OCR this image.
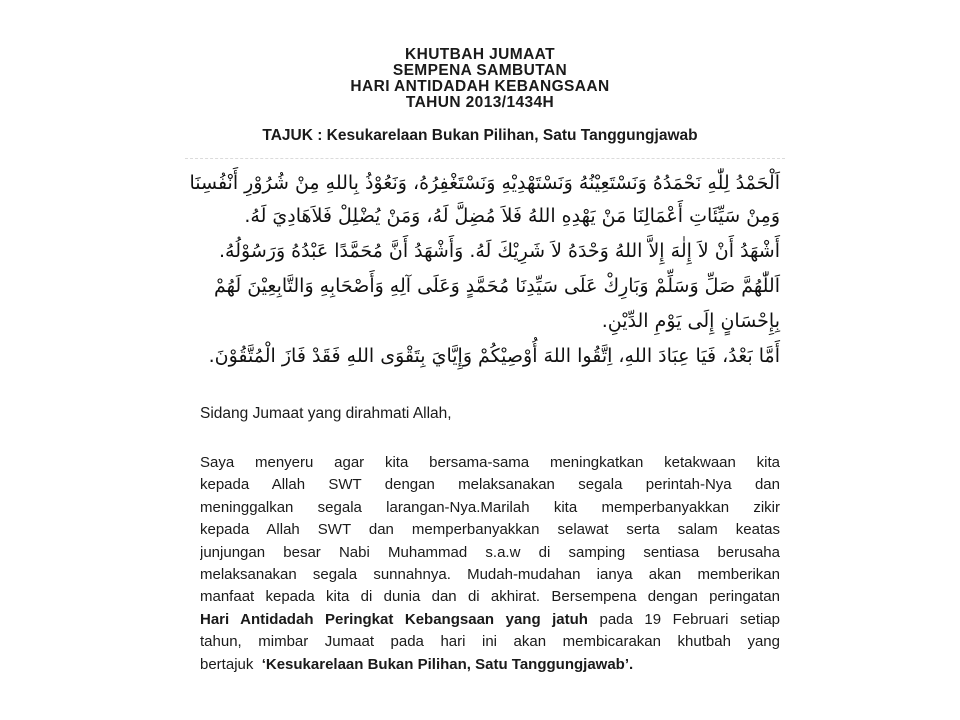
KHUTBAH JUMAAT
SEMPENA SAMBUTAN
HARI ANTIDADAH KEBANGSAAN
TAHUN 2013/1434H
TAJUK : Kesukarelaan Bukan Pilihan, Satu Tanggungjawab
اَلْحَمْدُ لِلّٰهِ نَحْمَدُهُ وَنَسْتَعِيْنُهُ وَنَسْتَهْدِيْهِ وَنَسْتَغْفِرُهُ، وَنَعُوْذُ بِاللهِ مِنْ شُرُوْرِ أَنْفُسِنَا
وَمِنْ سَيِّئَاتِ أَعْمَالِنَا مَنْ يَهْدِهِ اللهُ فَلاَ مُضِلَّ لَهُ، وَمَنْ يُضْلِلْ فَلاَهَادِيَ لَهُ.
أَشْهَدُ أَنْ لاَ إِلٰهَ إِلاَّ اللهُ وَحْدَهُ لاَ شَرِيْكَ لَهُ. وَأَشْهَدُ أَنَّ مُحَمَّدًا عَبْدُهُ وَرَسُوْلُهُ.
اَللّٰهُمَّ صَلِّ وَسَلِّمْ وَبَارِكْ عَلَى سَيِّدِنَا مُحَمَّدٍ وَعَلَى آلِهِ وَأَصْحَابِهِ وَالتَّابِعِيْنَ لَهُمْ
بِإِحْسَانٍ إِلَى يَوْمِ الدِّيْنِ.
أَمَّا بَعْدُ، فَيَا عِبَادَ اللهِ، اِتَّقُوا اللهَ أُوْصِيْكُمْ وَإِيَّايَ بِتَقْوَى اللهِ فَقَدْ فَازَ الْمُتَّقُوْنَ.
Sidang Jumaat yang dirahmati Allah,
Saya menyeru agar kita bersama-sama meningkatkan ketakwaan kita
kepada Allah SWT dengan melaksanakan segala perintah-Nya dan
meninggalkan segala larangan-Nya.Marilah kita memperbanyakkan zikir
kepada Allah SWT dan memperbanyakkan selawat serta salam keatas
junjungan besar Nabi Muhammad s.a.w di samping sentiasa berusaha
melaksanakan segala sunnahnya. Mudah-mudahan ianya akan memberikan
manfaat kepada kita di dunia dan di akhirat. Bersempena dengan peringatan
Hari Antidadah Peringkat Kebangsaan yang jatuh pada 19 Februari setiap
tahun, mimbar Jumaat pada hari ini akan membicarakan khutbah yang
bertajuk  ‘Kesukarelaan Bukan Pilihan, Satu Tanggungjawab’.
